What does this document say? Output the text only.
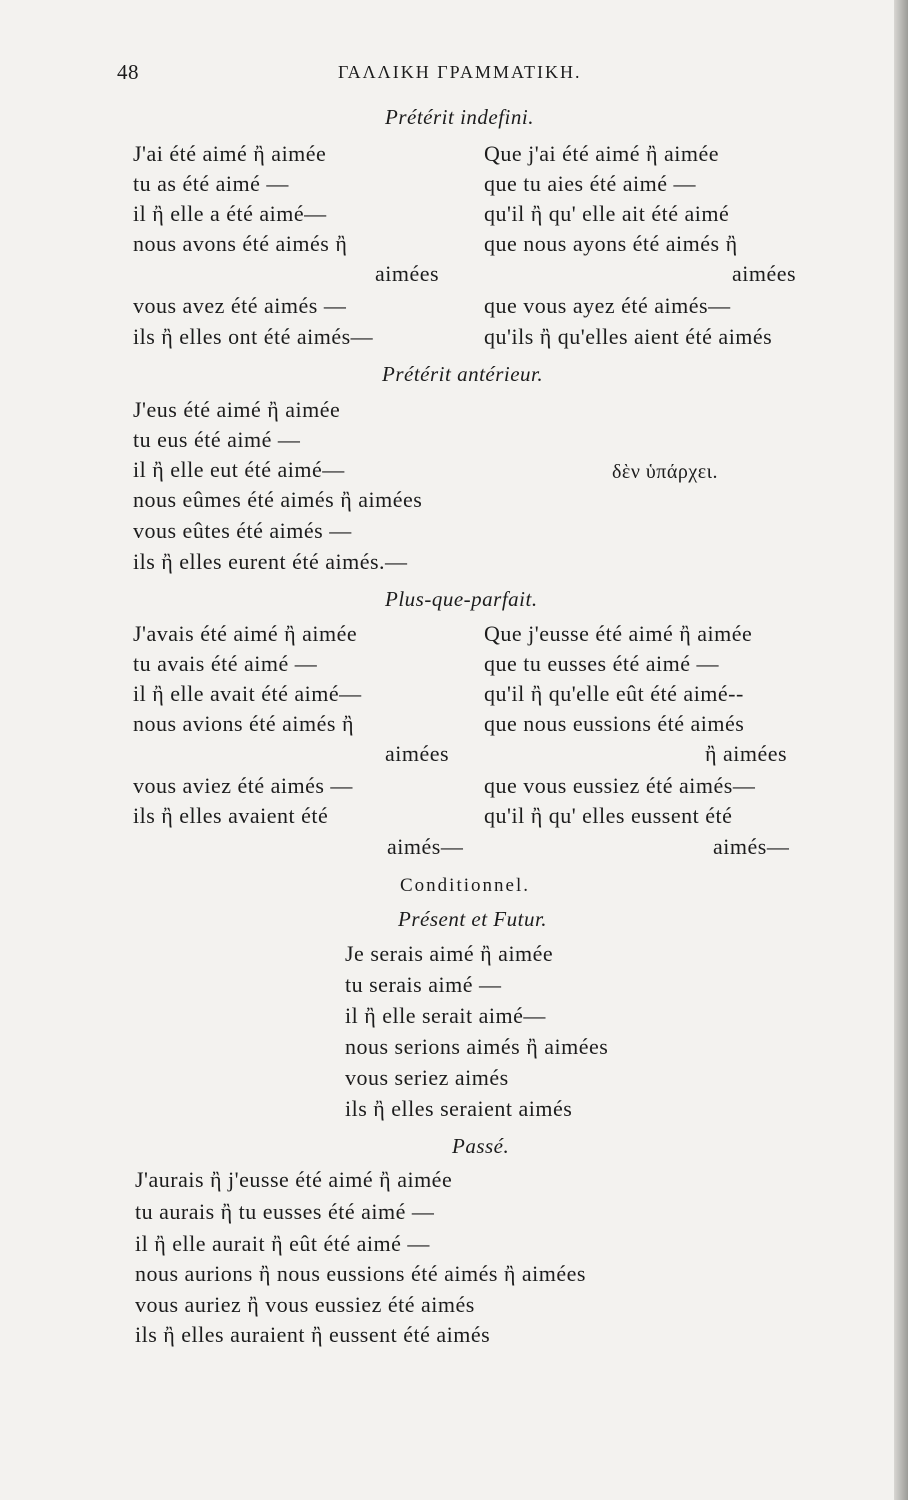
48	ΓΑΛΛΙΚΗ ΓΡΑΜΜΑΤΙΚΗ.
Prétérit indefini.
J'ai été aimé ἢ aimée
tu as été aimé —
il ἢ elle a été aimé—
nous avons été aimés ἢ
aimées
vous avez été aimés —
ils ἢ elles ont été aimés—
Que j'ai été aimé ἢ aimée
que tu aies été aimé —
qu'il ἢ qu' elle ait été aimé
que nous ayons été aimés ἢ
aimées
que vous ayez été aimés—
qu'ils ἢ qu'elles aient été aimés
Prétérit antérieur.
J'eus été aimé ἢ aimée
tu eus été aimé —
il ἢ elle eut été aimé—
nous eûmes été aimés ἢ aimées
vous eûtes été aimés —
ils ἢ elles eurent été aimés.—
δὲν ὑπάρχει.
Plus-que-parfait.
J'avais été aimé ἢ aimée
tu avais été aimé —
il ἢ elle avait été aimé—
nous avions été aimés ἢ
aimées
vous aviez été aimés —
ils ἢ elles avaient été
aimés—
Que j'eusse été aimé ἢ aimée
que tu eusses été aimé —
qu'il ἢ qu'elle eût été aimé--
que nous eussions été aimés
ἢ aimées
que vous eussiez été aimés—
qu'il ἢ qu' elles eussent été
aimés—
Conditionnel.
Présent et Futur.
Je serais aimé ἢ aimée
tu serais aimé —
il ἢ elle serait aimé—
nous serions aimés ἢ aimées
vous seriez aimés
ils ἢ elles seraient aimés
Passé.
J'aurais ἢ j'eusse été aimé ἢ aimée
tu aurais ἢ tu eusses été aimé —
il ἢ elle aurait ἢ eût été aimé —
nous aurions ἢ nous eussions été aimés ἢ aimées
vous auriez ἢ vous eussiez été aimés
ils ἢ elles auraient ἢ eussent été aimés
